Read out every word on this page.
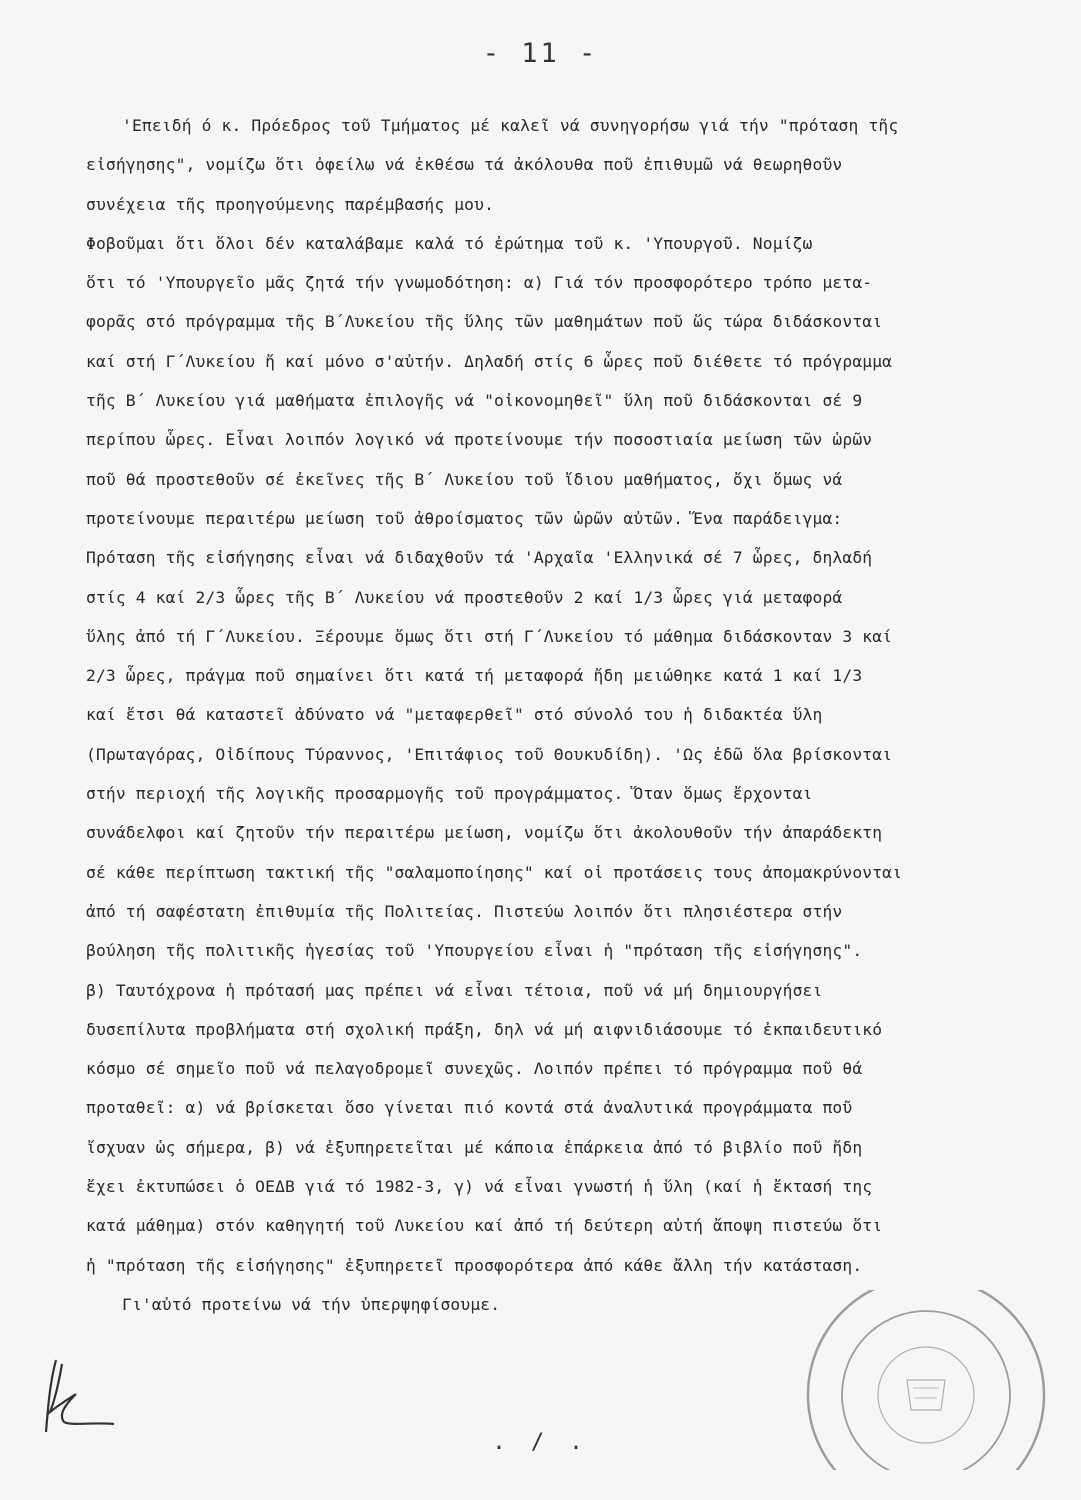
- 11 -
'Επειδή ό κ. Πρόεδρος τοῦ Τμήματος μέ καλεῖ νά συνηγορήσω γιά τήν "πρόταση τῆς
εἰσήγησης", νομίζω ὅτι ὀφείλω νά ἐκθέσω τά ἀκόλουθα ποῦ ἐπιθυμῶ νά θεωρηθοῦν
συνέχεια τῆς προηγούμενης παρέμβασής μου.
Φοβοῦμαι ὅτι ὅλοι δέν καταλάβαμε καλά τό ἐρώτημα τοῦ κ. 'Υπουργοῦ. Νομίζω
ὅτι τό 'Υπουργεῖο μᾶς ζητά τήν γνωμοδότηση: α) Γιά τόν προσφορότερο τρόπο μετα-
φορᾶς στό πρόγραμμα τῆς Β΄Λυκείου τῆς ὕλης τῶν μαθημάτων ποῦ ὥς τώρα διδάσκονται
καί στή Γ΄Λυκείου ἤ καί μόνο σ'αὐτήν. Δηλαδή στίς 6 ὧρες ποῦ διέθετε τό πρόγραμμα
τῆς Β΄ Λυκείου γιά μαθήματα ἐπιλογῆς νά "οἰκονομηθεῖ" ὕλη ποῦ διδάσκονται σέ 9
περίπου ὧρες. Εἶναι λοιπόν λογικό νά προτείνουμε τήν ποσοστιαία μείωση τῶν ὡρῶν
ποῦ θά προστεθοῦν σέ ἐκεῖνες τῆς Β΄ Λυκείου τοῦ ἴδιου μαθήματος, ὄχι ὅμως νά
προτείνουμε περαιτέρω μείωση τοῦ ἀθροίσματος τῶν ὡρῶν αὐτῶν. Ἕνα παράδειγμα:
Πρόταση τῆς εἰσήγησης εἶναι νά διδαχθοῦν τά 'Αρχαῖα 'Ελληνικά σέ 7 ὧρες, δηλαδή
στίς 4 καί 2/3 ὧρες τῆς Β΄ Λυκείου νά προστεθοῦν 2 καί 1/3 ὧρες γιά μεταφορά
ὕλης ἀπό τή Γ΄Λυκείου. Ξέρουμε ὅμως ὅτι στή Γ΄Λυκείου τό μάθημα διδάσκονταν 3 καί
2/3 ὧρες, πράγμα ποῦ σημαίνει ὅτι κατά τή μεταφορά ἤδη μειώθηκε κατά 1 καί 1/3
καί ἔτσι θά καταστεῖ ἀδύνατο νά "μεταφερθεῖ" στό σύνολό του ἡ διδακτέα ὕλη
(Πρωταγόρας, Οἰδίπους Τύραννος, 'Επιτάφιος τοῦ Θουκυδίδη). 'Ως ἐδῶ ὅλα βρίσκονται
στήν περιοχή τῆς λογικῆς προσαρμογῆς τοῦ προγράμματος. Ὅταν ὅμως ἔρχονται
συνάδελφοι καί ζητοῦν τήν περαιτέρω μείωση, νομίζω ὅτι ἀκολουθοῦν τήν ἀπαράδεκτη
σέ κάθε περίπτωση τακτική τῆς "σαλαμοποίησης" καί οἱ προτάσεις τους ἀπομακρύνονται
ἀπό τή σαφέστατη ἐπιθυμία τῆς Πολιτείας. Πιστεύω λοιπόν ὅτι πλησιέστερα στήν
βούληση τῆς πολιτικῆς ἡγεσίας τοῦ 'Υπουργείου εἶναι ἡ "πρόταση τῆς εἰσήγησης".
β) Ταυτόχρονα ἡ πρότασή μας πρέπει νά εἶναι τέτοια, ποῦ νά μή δημιουργήσει
δυσεπίλυτα προβλήματα στή σχολική πράξη, δηλ νά μή αιφνιδιάσουμε τό ἐκπαιδευτικό
κόσμο σέ σημεῖο ποῦ νά πελαγοδρομεῖ συνεχῶς. Λοιπόν πρέπει τό πρόγραμμα ποῦ θά
προταθεῖ: α) νά βρίσκεται ὅσο γίνεται πιό κοντά στά ἀναλυτικά προγράμματα ποῦ
ἴσχυαν ὡς σήμερα, β) νά ἐξυπηρετεῖται μέ κάποια ἐπάρκεια ἀπό τό βιβλίο ποῦ ἤδη
ἔχει ἐκτυπώσει ὁ ΟΕΔΒ γιά τό 1982-3, γ) νά εἶναι γνωστή ἡ ὕλη (καί ἡ ἔκτασή της
κατά μάθημα) στόν καθηγητή τοῦ Λυκείου καί ἀπό τή δεύτερη αὐτή ἄποψη πιστεύω ὅτι
ἡ "πρόταση τῆς εἰσήγησης" ἐξυπηρετεῖ προσφορότερα ἀπό κάθε ἄλλη τήν κατάσταση.
Γι'αὐτό προτείνω νά τήν ὑπερψηφίσουμε.
. / .
